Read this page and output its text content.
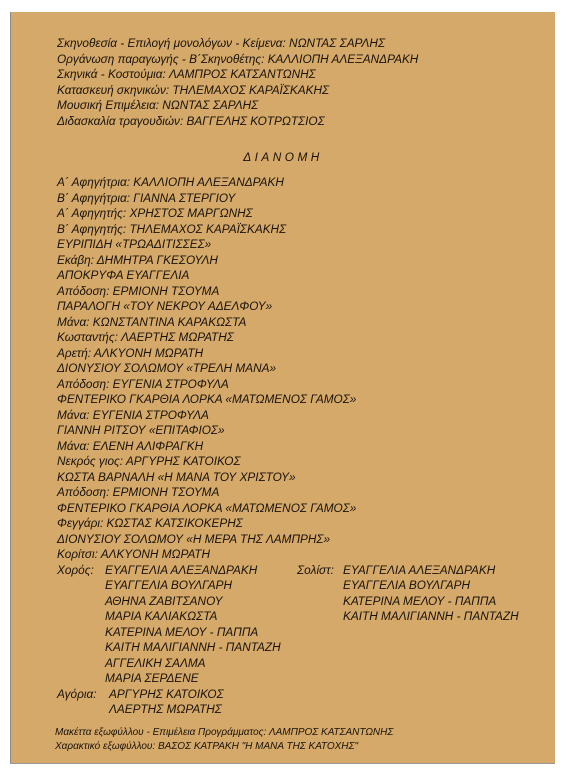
Σκηνοθεσία - Επιλογή μονολόγων - Κείμενα: ΝΩΝΤΑΣ ΣΑΡΛΗΣ
Οργάνωση παραγωγής - Β΄Σκηνοθέτης: ΚΑΛΛΙΟΠΗ ΑΛΕΞΑΝΔΡΑΚΗ
Σκηνικά - Κοστούμια: ΛΑΜΠΡΟΣ ΚΑΤΣΑΝΤΩΝΗΣ
Κατασκευή σκηνικών: ΤΗΛΕΜΑΧΟΣ ΚΑΡΑΪΣΚΑΚΗΣ
Μουσική Επιμέλεια: ΝΩΝΤΑΣ ΣΑΡΛΗΣ
Διδασκαλία τραγουδιών: ΒΑΓΓΕΛΗΣ ΚΟΤΡΩΤΣΙΟΣ
ΔΙΑΝΟΜΗ
Α΄ Αφηγήτρια: ΚΑΛΛΙΟΠΗ ΑΛΕΞΑΝΔΡΑΚΗ
Β΄ Αφηγήτρια: ΓΙΑΝΝΑ ΣΤΕΡΓΙΟΥ
Α΄ Αφηγητής: ΧΡΗΣΤΟΣ ΜΑΡΓΩΝΗΣ
Β΄ Αφηγητής: ΤΗΛΕΜΑΧΟΣ ΚΑΡΑΪΣΚΑΚΗΣ
ΕΥΡΙΠΙΔΗ «ΤΡΩΑΔΙΤΙΣΣΕΣ»
Εκάβη: ΔΗΜΗΤΡΑ ΓΚΕΣΟΥΛΗ
ΑΠΟΚΡΥΦΑ ΕΥΑΓΓΕΛΙΑ
Απόδοση: ΕΡΜΙΟΝΗ ΤΣΟΥΜΑ
ΠΑΡΑΛΟΓΗ «ΤΟΥ ΝΕΚΡΟΥ ΑΔΕΛΦΟΥ»
Μάνα: ΚΩΝΣΤΑΝΤΙΝΑ ΚΑΡΑΚΩΣΤΑ
Κωσταντής: ΛΑΕΡΤΗΣ ΜΩΡΑΤΗΣ
Αρετή: ΑΛΚΥΟΝΗ ΜΩΡΑΤΗ
ΔΙΟΝΥΣΙΟΥ ΣΟΛΩΜΟΥ «ΤΡΕΛΗ ΜΑΝΑ»
Απόδοση: ΕΥΓΕΝΙΑ ΣΤΡΟΦΥΛΑ
ΦΕΝΤΕΡΙΚΟ ΓΚΑΡΘΙΑ ΛΟΡΚΑ «ΜΑΤΩΜΕΝΟΣ ΓΑΜΟΣ»
Μάνα: ΕΥΓΕΝΙΑ ΣΤΡΟΦΥΛΑ
ΓΙΑΝΝΗ ΡΙΤΣΟΥ «ΕΠΙΤΑΦΙΟΣ»
Μάνα: ΕΛΕΝΗ ΑΛΙΦΡΑΓΚΗ
Νεκρός γιος: ΑΡΓΥΡΗΣ ΚΑΤΟΙΚΟΣ
ΚΩΣΤΑ ΒΑΡΝΑΛΗ «Η ΜΑΝΑ ΤΟΥ ΧΡΙΣΤΟΥ»
Απόδοση: ΕΡΜΙΟΝΗ ΤΣΟΥΜΑ
ΦΕΝΤΕΡΙΚΟ ΓΚΑΡΘΙΑ ΛΟΡΚΑ «ΜΑΤΩΜΕΝΟΣ ΓΑΜΟΣ»
Φεγγάρι: ΚΩΣΤΑΣ ΚΑΤΣΙΚΟΚΕΡΗΣ
ΔΙΟΝΥΣΙΟΥ ΣΟΛΩΜΟΥ «Η ΜΕΡΑ ΤΗΣ ΛΑΜΠΡΗΣ»
Κορίτσι: ΑΛΚΥΟΝΗ ΜΩΡΑΤΗ
Χορός: ΕΥΑΓΓΕΛΙΑ ΑΛΕΞΑΝΔΡΑΚΗ	Σολίστ: ΕΥΑΓΓΕΛΙΑ ΑΛΕΞΑΝΔΡΑΚΗ
ΕΥΑΓΓΕΛΙΑ ΒΟΥΛΓΑΡΗ	ΕΥΑΓΓΕΛΙΑ ΒΟΥΛΓΑΡΗ
ΑΘΗΝΑ ΖΑΒΙΤΣΑΝΟΥ	ΚΑΤΕΡΙΝΑ ΜΕΛΟΥ - ΠΑΠΠΑ
ΜΑΡΙΑ ΚΑΛΙΑΚΩΣΤΑ	ΚΑΙΤΗ ΜΑΛΙΓΙΑΝΝΗ - ΠΑΝΤΑΖΗ
ΚΑΤΕΡΙΝΑ ΜΕΛΟΥ - ΠΑΠΠΑ
ΚΑΙΤΗ ΜΑΛΙΓΙΑΝΝΗ - ΠΑΝΤΑΖΗ
ΑΓΓΕΛΙΚΗ ΣΑΛΜΑ
ΜΑΡΙΑ ΣΕΡΔΕΝΕ
Αγόρια: ΑΡΓΥΡΗΣ ΚΑΤΟΙΚΟΣ
ΛΑΕΡΤΗΣ ΜΩΡΑΤΗΣ
Μακέττα εξωφύλλου - Επιμέλεια Προγράμματος: ΛΑΜΠΡΟΣ ΚΑΤΣΑΝΤΩΝΗΣ
Χαρακτικό εξωφύλλου: ΒΑΣΟΣ ΚΑΤΡΑΚΗ "Η ΜΑΝΑ ΤΗΣ ΚΑΤΟΧΗΣ"
